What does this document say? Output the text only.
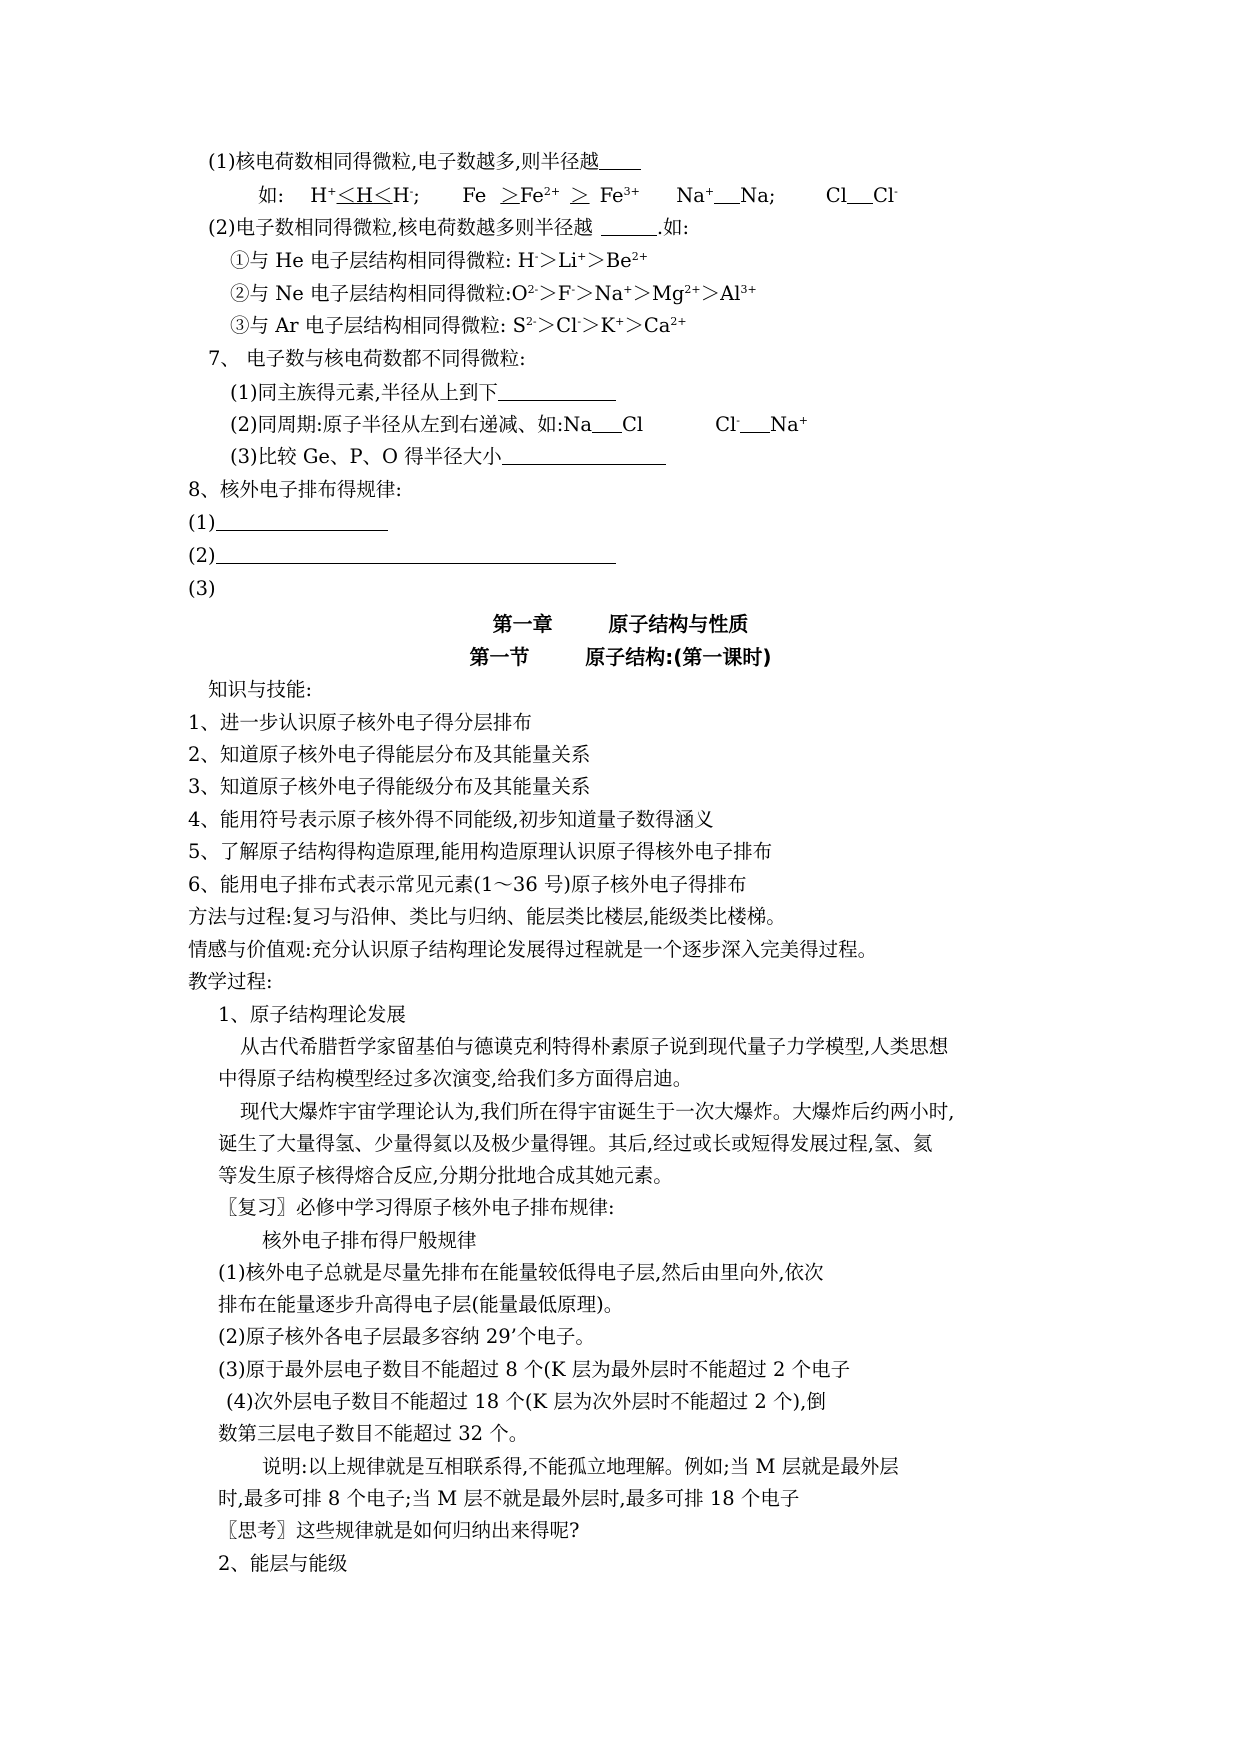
(1)核电荷数相同得微粒,电子数越多,则半径越
如: H+＜H＜H-; $Fe >Fe^{2+} > Fe^{3+}$ Na+ Na;	Cl Cl-
(2)电子数相同得微粒,核电荷数越多则半径越	.如:
①与 He 电子层结构相同得微粒: $H^->Li^+>Be^{2+}$
②与 Ne 电子层结构相同得微粒$:O^{2-}>F^->Na^+>Mg^{2+}>Al^{3+}$
③与 Ar 电子层结构相同得微粒: $S^{2-}>Cl^->K^+>Ca^{2+}$
7、 电子数与核电荷数都不同得微粒:
(1)同主族得元素,半径从上到下
(2)同周期:原子半径从左到右递减、如:Na Cl	Cl- Na+
(3)比较 Ge、P、O 得半径大小
8、核外电子排布得规律:
(1)
(2)
(3)
第一章        原子结构与性质
第一节        原子结构:(第一课时)
知识与技能:
1、进一步认识原子核外电子得分层排布
2、知道原子核外电子得能层分布及其能量关系
3、知道原子核外电子得能级分布及其能量关系
4、能用符号表示原子核外得不同能级,初步知道量子数得涵义
5、了解原子结构得构造原理,能用构造原理认识原子得核外电子排布
6、能用电子排布式表示常见元素(1～36 号)原子核外电子得排布
方法与过程:复习与沿伸、类比与归纳、能层类比楼层,能级类比楼梯。
情感与价值观:充分认识原子结构理论发展得过程就是一个逐步深入完美得过程。
教学过程:
1、原子结构理论发展
从古代希腊哲学家留基伯与德谟克利特得朴素原子说到现代量子力学模型,人类思想
中得原子结构模型经过多次演变,给我们多方面得启迪。
现代大爆炸宇宙学理论认为,我们所在得宇宙诞生于一次大爆炸。大爆炸后约两小时,
诞生了大量得氢、少量得氦以及极少量得锂。其后,经过或长或短得发展过程,氢、氦
等发生原子核得熔合反应,分期分批地合成其她元素。
〖复习〗必修中学习得原子核外电子排布规律:
核外电子排布得尸般规律
(1)核外电子总就是尽量先排布在能量较低得电子层,然后由里向外,依次
排布在能量逐步升高得电子层(能量最低原理)。
(2)原子核外各电子层最多容纳 29’个电子。
(3)原于最外层电子数目不能超过 8 个(K 层为最外层时不能超过 2 个电子
(4)次外层电子数目不能超过 18 个(K 层为次外层时不能超过 2 个),倒
数第三层电子数目不能超过 32 个。
说明:以上规律就是互相联系得,不能孤立地理解。例如;当 M 层就是最外层
时,最多可排 8 个电子;当 M 层不就是最外层时,最多可排 18 个电子
〖思考〗这些规律就是如何归纳出来得呢?
2、能层与能级
